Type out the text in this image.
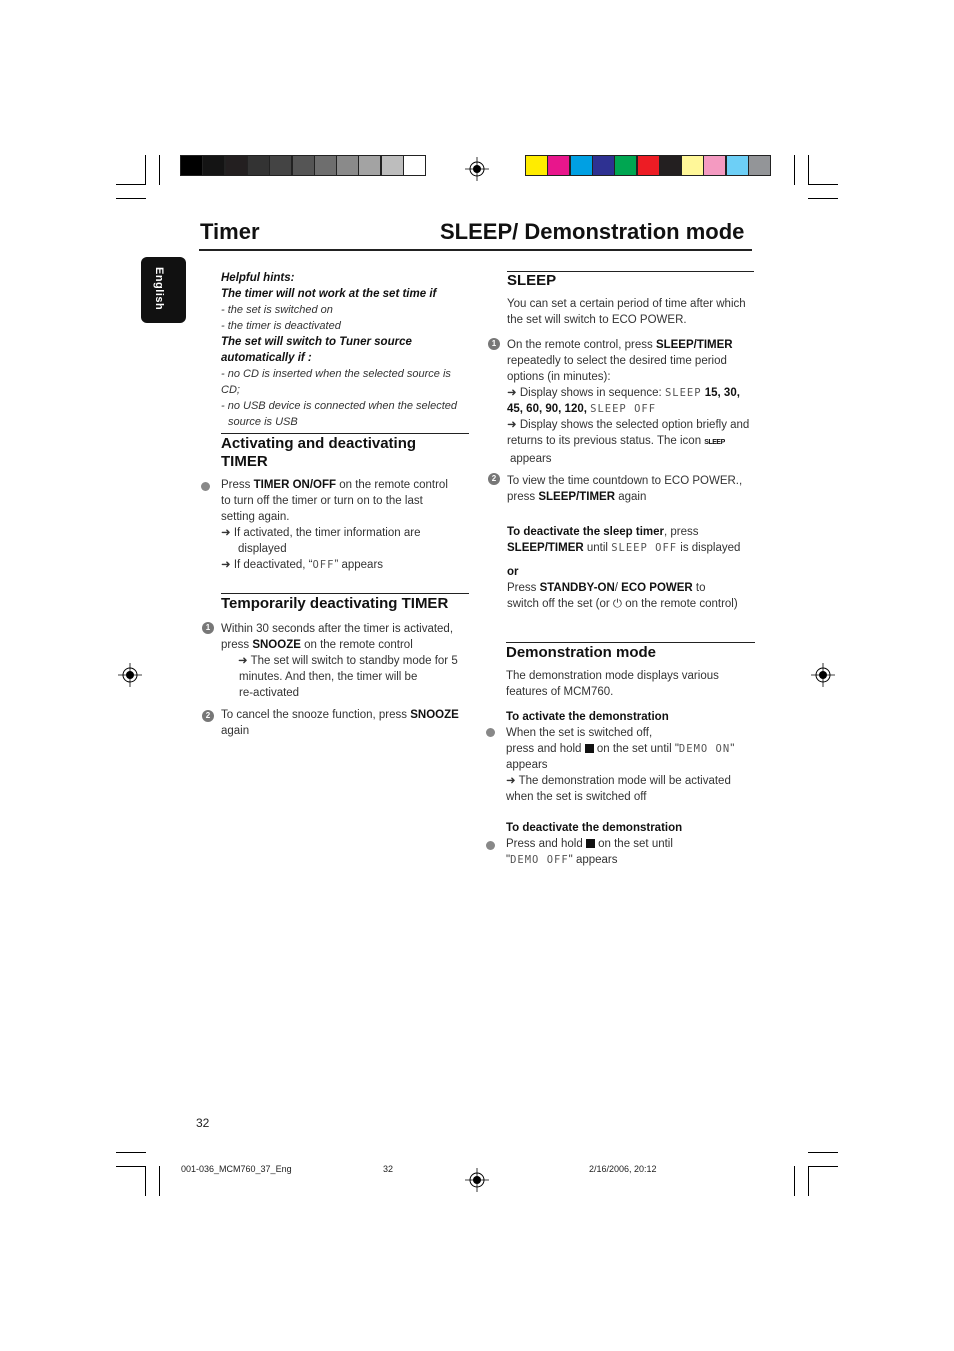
Timer	SLEEP/ Demonstration mode
English	Helpful hints:
The timer will not work at the set time if
- the set is switched on
- the timer is deactivated
The set will switch to Tuner source
automatically if :
- no CD is inserted when the selected source is CD;
- no USB device is connected when the selected
source is USB
Activating and deactivating
TIMER
Press TIMER ON/OFF on the remote control
to turn off the timer or turn on to the last
setting again.
➜ If activated, the timer information are
displayed
➜ If deactivated, “OFF” appears
Temporarily deactivating TIMER
Within 30 seconds after the timer is activated,
press SNOOZE on the remote control
➜ The set will switch to standby mode for 5
minutes. And then, the timer will be
re-activated
To cancel the snooze function, press SNOOZE
again
1
2
SLEEP
You can set a certain period of time after which
the set will switch to ECO POWER.
On the remote control, press SLEEP/TIMER
repeatedly to select the desired time period
options (in minutes):
➜ Display shows in sequence: SLEEP 15, 30,
45, 60, 90, 120, SLEEP OFF
➜ Display shows the selected option briefly and
returns to its previous status. The icon SLEEP
appears
To view the time countdown to ECO POWER.,
press SLEEP/TIMER again
To deactivate the sleep timer, press
SLEEP/TIMER until SLEEP OFF is displayed
or
Press STANDBY-ON/ ECO POWER to
switch off the set (or ⏻ on the remote control)
1
2
Demonstration mode
The demonstration mode displays various
features of MCM760.
To activate the demonstration
When the set is switched off,
press and hold  on the set until "DEMO ON"
appears
➜ The demonstration mode will be activated
when the set is switched off
To deactivate the demonstration
Press and hold  on the set until
"DEMO OFF" appears
32
001-036_MCM760_37_Eng	32	2/16/2006, 20:12
